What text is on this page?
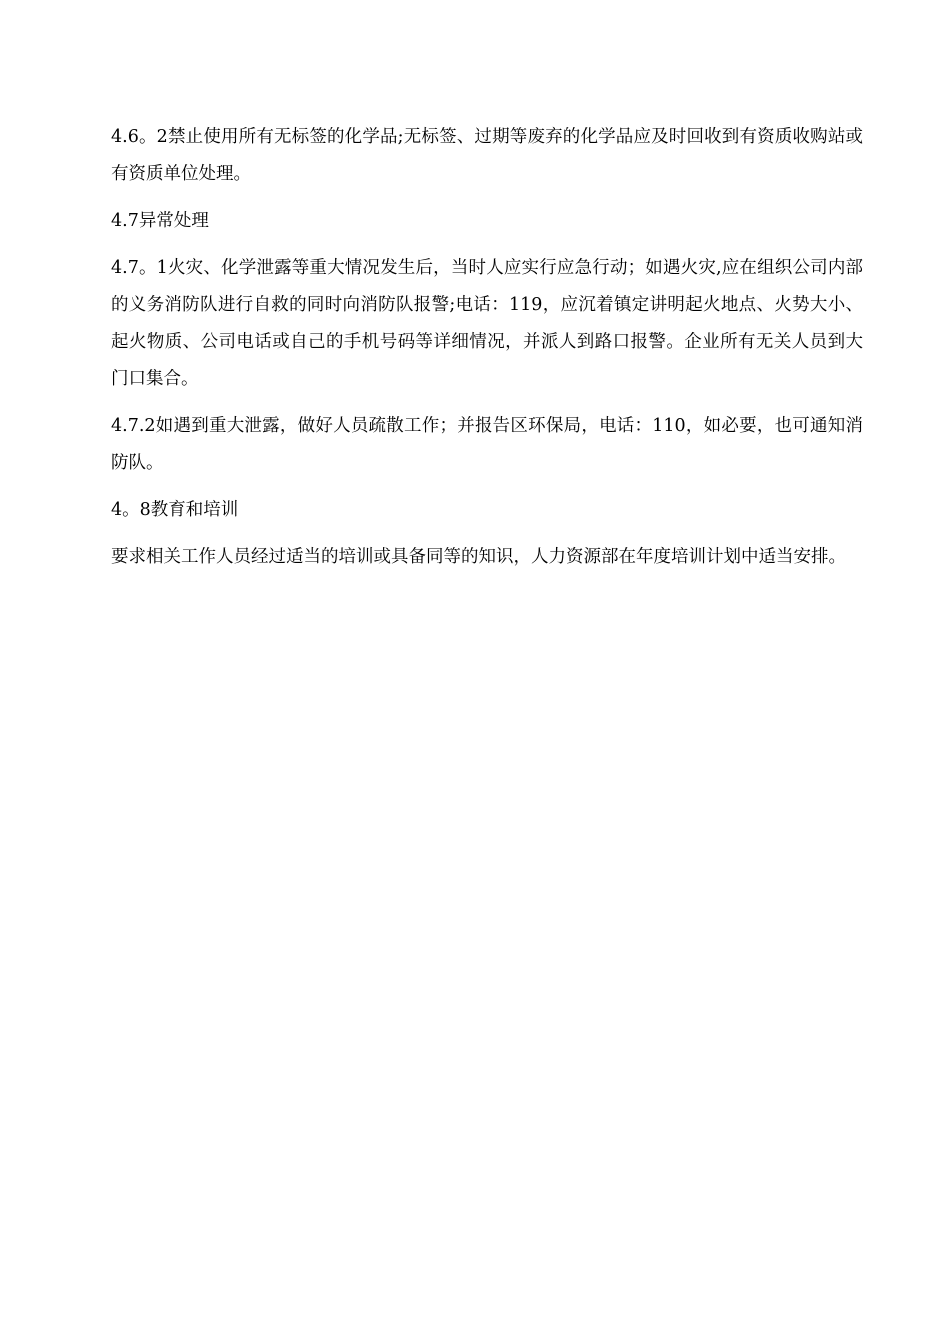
4.6。2禁止使用所有无标签的化学品;无标签、过期等废弃的化学品应及时回收到有资质收购站或有资质单位处理。

4.7异常处理

4.7。1火灾、化学泄露等重大情况发生后，当时人应实行应急行动；如遇火灾,应在组织公司内部的义务消防队进行自救的同时向消防队报警;电话：119，应沉着镇定讲明起火地点、火势大小、起火物质、公司电话或自己的手机号码等详细情况，并派人到路口报警。企业所有无关人员到大门口集合。

4.7.2如遇到重大泄露，做好人员疏散工作；并报告区环保局，电话：110，如必要，也可通知消防队。

4。8教育和培训

要求相关工作人员经过适当的培训或具备同等的知识，人力资源部在年度培训计划中适当安排。
